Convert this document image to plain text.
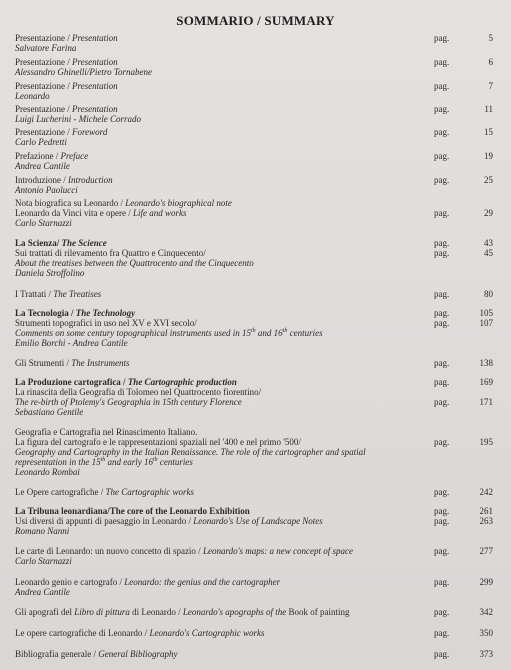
SOMMARIO / SUMMARY
Presentazione / Presentation
Salvatore Farina
pag.	5
Presentazione / Presentation
Alessandro Ghinelli/Pietro Tornabene
pag.	6
Presentazione / Presentation
Leonardo
pag.	7
Presentazione / Presentation
Luigi Lucherini - Michele Corrado
pag.	11
Presentazione / Foreword
Carlo Pedretti
pag.	15
Prefazione / Preface
Andrea Cantile
pag.	19
Introduzione / Introduction
Antonio Paolucci
pag.	25
Nota biografica su Leonardo / Leonardo's biographical note
Leonardo da Vinci vita e opere / Life and works
Carlo Starnazzi
pag.	29
La Scienza/ The Science
Sui trattati di rilevamento fra Quattro e Cinquecento/
About the treatises between the Quattrocento and the Cinquecento
Daniela Stroffolino
pag.	43
pag.	45
I Trattati / The Treatises	pag.	80
La Tecnologia / The Technology
Strumenti topografici in uso nel XV e XVI secolo/
Comments on some century topographical instruments used in 15th and 16th centuries
Emilio Borchi - Andrea Cantile
pag.	105
pag.	107
Gli Strumenti / The Instruments	pag.	138
La Produzione cartografica / The Cartographic production
La rinascita della Geografia di Tolomeo nel Quattrocento fiorentino/
The re-birth of Ptolemy's Geographia in 15th century Florence
Sebastiano Gentile
pag.	169
pag.	171
Geografia e Cartografia nel Rinascimento Italiano.
La figura del cartografo e le rappresentazioni spaziali nel '400 e nel primo '500/
Geography and Cartography in the Italian Renaissance. The role of the cartographer and spatial
representation in the 15th and early 16th centuries
Leonardo Rombai
pag.	195
Le Opere cartografiche / The Cartographic works	pag.	242
La Tribuna leonardiana/The core of the Leonardo Exhibition
Usi diversi di appunti di paesaggio in Leonardo / Leonardo's Use of Landscape Notes
Romano Nanni
pag.	261
pag.	263
Le carte di Leonardo: un nuovo concetto di spazio / Leonardo's maps: a new concept of space
Carlo Starnazzi
pag.	277
Leonardo genio e cartografo / Leonardo: the genius and the cartographer
Andrea Cantile
pag.	299
Gli apografi del Libro di pittura di Leonardo / Leonardo's apographs of the Book of painting	pag.	342
Le opere cartografiche di Leonardo / Leonardo's Cartographic works	pag.	350
Bibliografia generale / General Bibliography	pag.	373
